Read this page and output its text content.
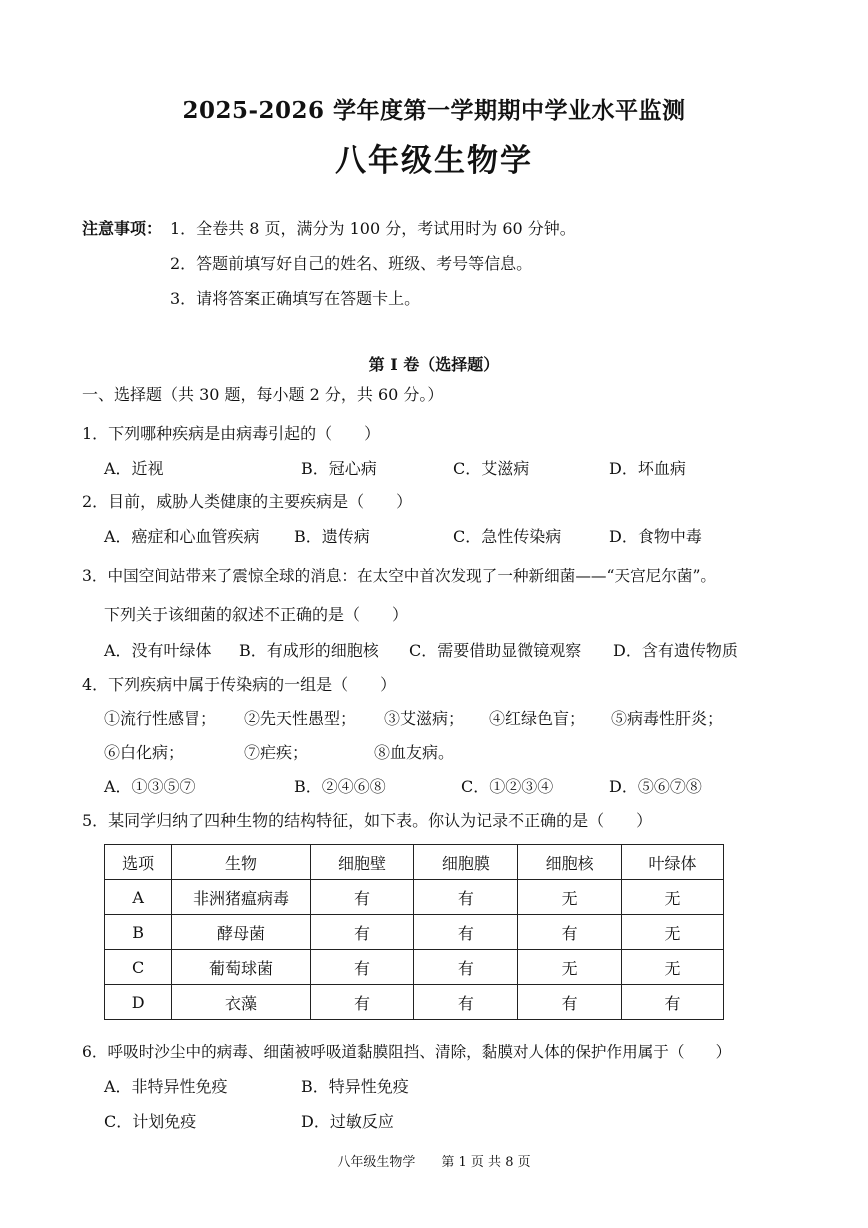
2025-2026 学年度第一学期期中学业水平监测
八年级生物学
注意事项： 1．全卷共 8 页，满分为 100 分，考试用时为 60 分钟。
2．答题前填写好自己的姓名、班级、考号等信息。
3．请将答案正确填写在答题卡上。
第 I 卷（选择题）
一、选择题（共 30 题，每小题 2 分，共 60 分。）
1．下列哪种疾病是由病毒引起的（　　）
A．近视	B．冠心病	C．艾滋病	D．坏血病
2．目前，威胁人类健康的主要疾病是（　　）
A．癌症和心血管疾病 B．遗传病	C．急性传染病	D．食物中毒
3．中国空间站带来了震惊全球的消息：在太空中首次发现了一种新细菌——“天宫尼尔菌”。
下列关于该细菌的叙述不正确的是（　　）
A．没有叶绿体 B．有成形的细胞核 C．需要借助显微镜观察 D．含有遗传物质
4．下列疾病中属于传染病的一组是（　　）
①流行性感冒； ②先天性愚型； ③艾滋病； ④红绿色盲； ⑤病毒性肝炎；
⑥白化病；	⑦疟疾；	⑧血友病。
A．①③⑤⑦	B．②④⑥⑧	C．①②③④	D．⑤⑥⑦⑧
5．某同学归纳了四种生物的结构特征，如下表。你认为记录不正确的是（　　）
选项	生物	细胞壁	细胞膜	细胞核	叶绿体
A	非洲猪瘟病毒	有	有	无	无
B	酵母菌	有	有	有	无
C	葡萄球菌	有	有	无	无
D	衣藻	有	有	有	有
6．呼吸时沙尘中的病毒、细菌被呼吸道黏膜阻挡、清除，黏膜对人体的保护作用属于（　　）
A．非特异性免疫	B．特异性免疫
C．计划免疫	D．过敏反应
八年级生物学　　第 1 页 共 8 页
